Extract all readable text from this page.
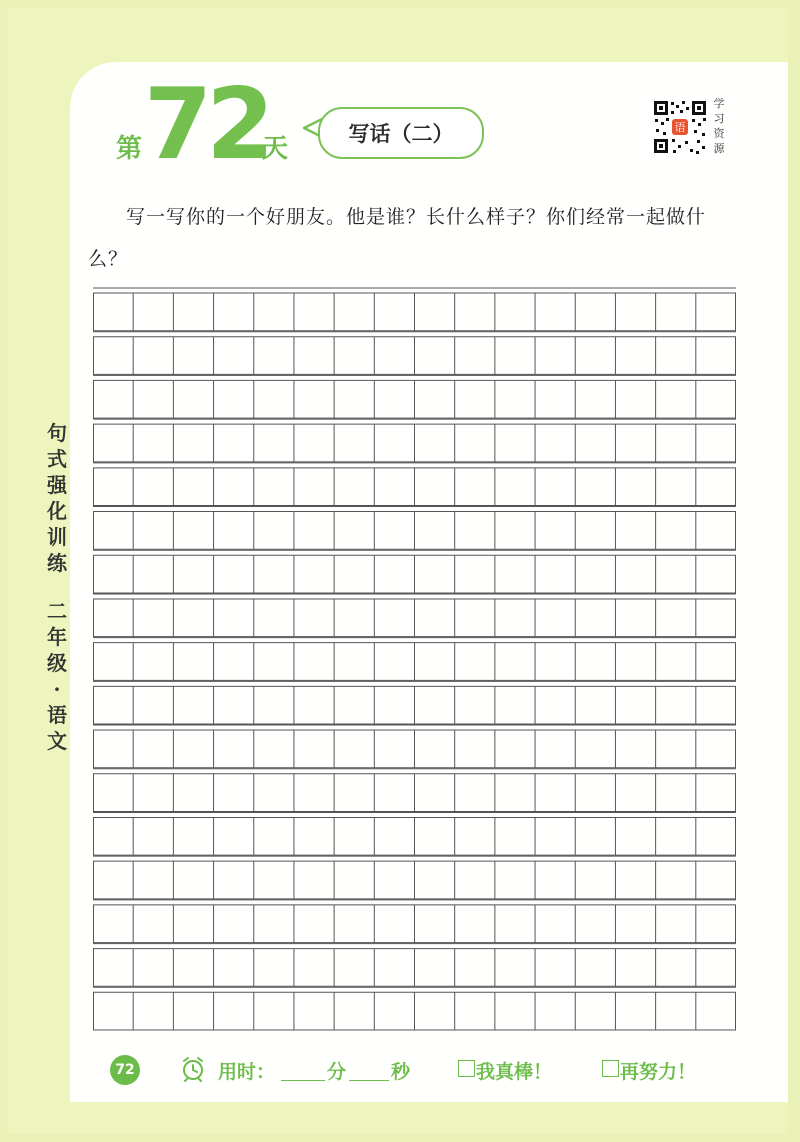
第 72
天
写话（二）	语
学习资源
写一写你的一个好朋友。他是谁？长什么样子？你们经常一起做什么？
句式强化训练
二年级
·
语文
72	用时：	分 秒	我真棒！	再努力！
